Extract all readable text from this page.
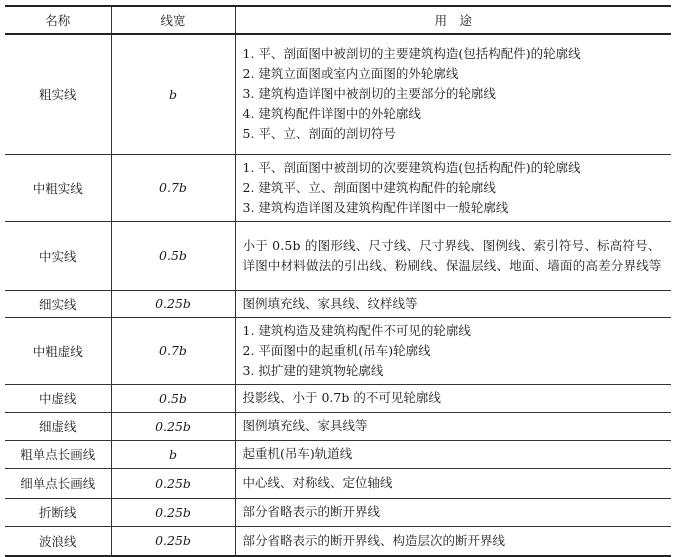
名称	线宽	用　途
粗实线	b	1. 平、剖面图中被剖切的主要建筑构造(包括构配件)的轮廓线
2. 建筑立面图或室内立面图的外轮廓线
3. 建筑构造详图中被剖切的主要部分的轮廓线
4. 建筑构配件详图中的外轮廓线
5. 平、立、剖面的剖切符号

中粗实线	0.7b	1. 平、剖面图中被剖切的次要建筑构造(包括构配件)的轮廓线
2. 建筑平、立、剖面图中建筑构配件的轮廓线
3. 建筑构造详图及建筑构配件详图中一般轮廓线

中实线	0.5b	小于 0.5b 的图形线、尺寸线、尺寸界线、图例线、索引符号、标高符号、详图中材料做法的引出线、粉刷线、保温层线、地面、墙面的高差分界线等

细实线	0.25b	图例填充线、家具线、纹样线等

中粗虚线	0.7b	1. 建筑构造及建筑构配件不可见的轮廓线
2. 平面图中的起重机(吊车)轮廓线
3. 拟扩建的建筑物轮廓线

中虚线	0.5b	投影线、小于 0.7b 的不可见轮廓线

细虚线	0.25b	图例填充线、家具线等

粗单点长画线	b	起重机(吊车)轨道线

细单点长画线	0.25b	中心线、对称线、定位轴线

折断线	0.25b	部分省略表示的断开界线

波浪线	0.25b	部分省略表示的断开界线、构造层次的断开界线
